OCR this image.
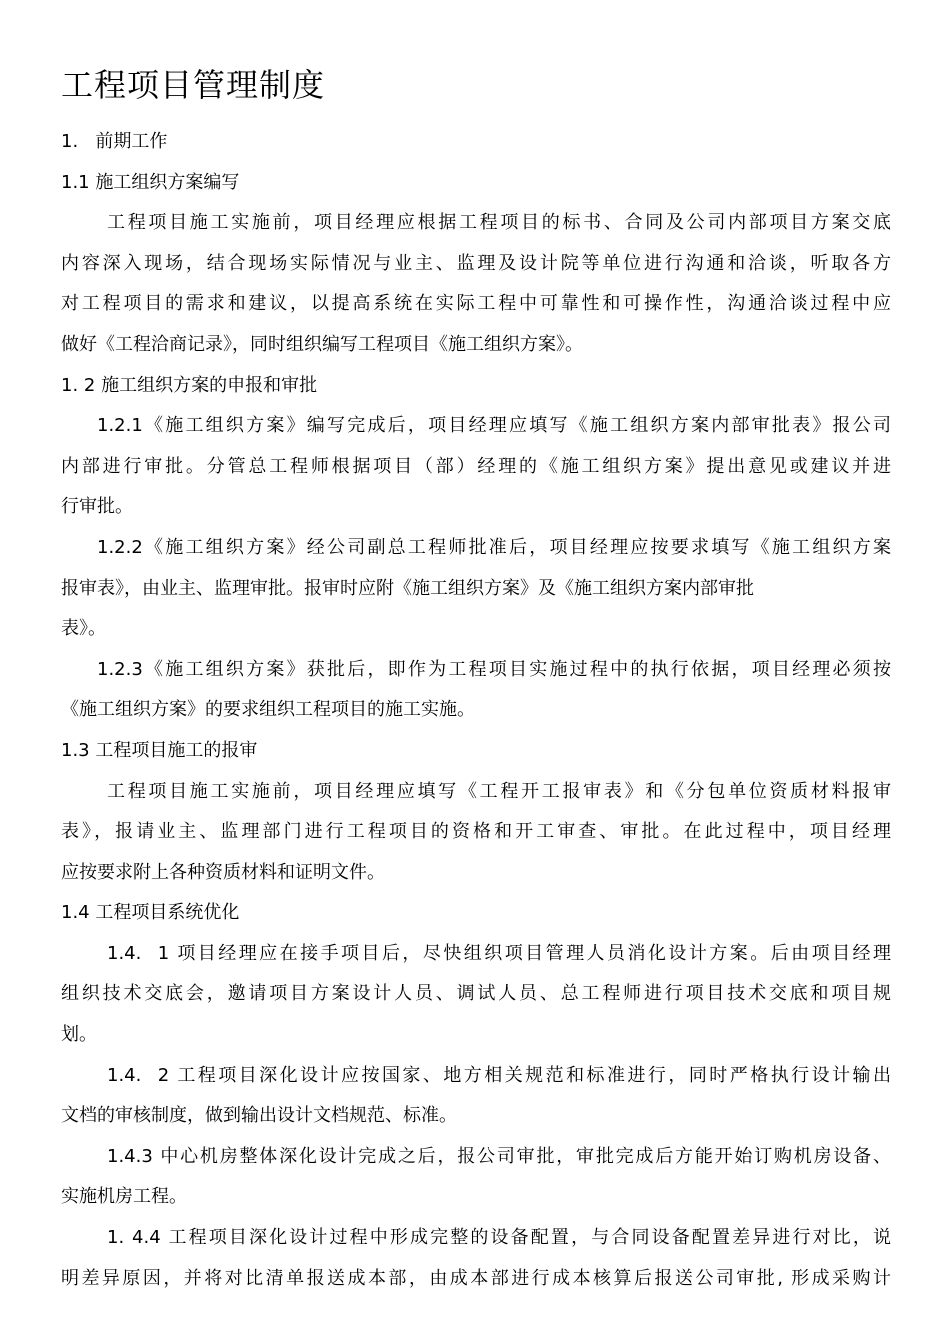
工程项目管理制度
1.   前期工作
1.1 施工组织方案编写
工程项目施工实施前，项目经理应根据工程项目的标书、合同及公司内部项目方案交底
内容深入现场，结合现场实际情况与业主、监理及设计院等单位进行沟通和洽谈，听取各方
对工程项目的需求和建议，以提高系统在实际工程中可靠性和可操作性，沟通洽谈过程中应
做好《工程洽商记录》，同时组织编写工程项目《施工组织方案》。
1. 2 施工组织方案的申报和审批
1.2.1《施工组织方案》编写完成后，项目经理应填写《施工组织方案内部审批表》报公司
内部进行审批。分管总工程师根据项目（部）经理的《施工组织方案》提出意见或建议并进
行审批。
1.2.2《施工组织方案》经公司副总工程师批准后，项目经理应按要求填写《施工组织方案
报审表》，由业主、监理审批。报审时应附《施工组织方案》及《施工组织方案内部审批
表》。
1.2.3《施工组织方案》获批后，即作为工程项目实施过程中的执行依据，项目经理必须按
《施工组织方案》的要求组织工程项目的施工实施。
1.3 工程项目施工的报审
工程项目施工实施前，项目经理应填写《工程开工报审表》和《分包单位资质材料报审
表》，报请业主、监理部门进行工程项目的资格和开工审查、审批。在此过程中，项目经理
应按要求附上各种资质材料和证明文件。
1.4 工程项目系统优化
1.4.  1 项目经理应在接手项目后，尽快组织项目管理人员消化设计方案。后由项目经理
组织技术交底会，邀请项目方案设计人员、调试人员、总工程师进行项目技术交底和项目规
划。
1.4.  2 工程项目深化设计应按国家、地方相关规范和标准进行，同时严格执行设计输出
文档的审核制度，做到输出设计文档规范、标准。
1.4.3 中心机房整体深化设计完成之后，报公司审批，审批完成后方能开始订购机房设备、
实施机房工程。
1. 4.4 工程项目深化设计过程中形成完整的设备配置，与合同设备配置差异进行对比，说
明差异原因，并将对比清单报送成本部，由成本部进行成本核算后报送公司审批, 形成采购计
